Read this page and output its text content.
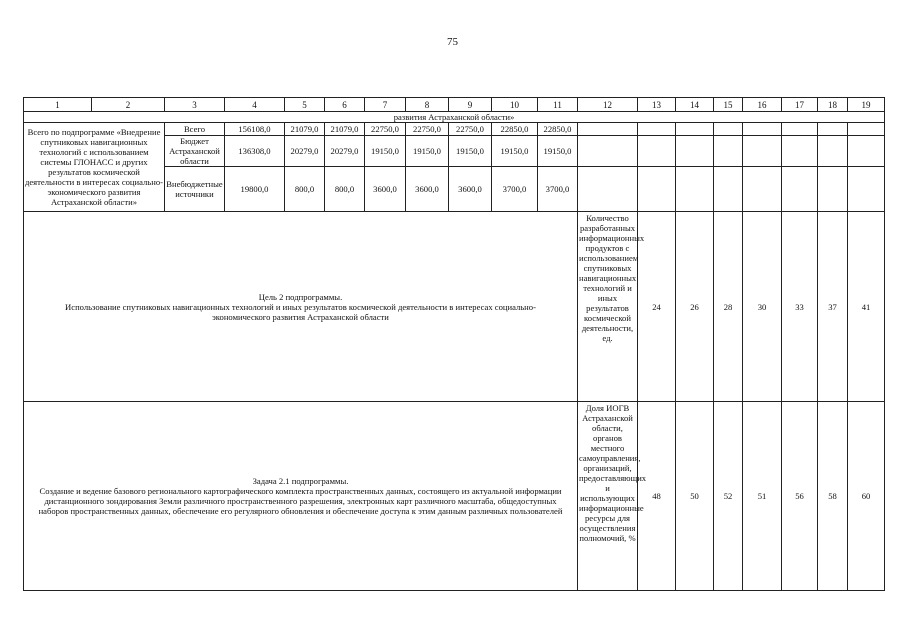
75
1	2	3	4	5	6	7	8	9	10	11	12	13	14	15	16	17	18	19
развития Астраханской области»																		
Всего по подпрограмме «Внедрение спутниковых навигационных технологий с использованием системы ГЛОНАСС и других результатов космической деятельности в интересах социально-экономического развития Астраханской области»		Всего	156108,0	21079,0	21079,0	22750,0	22750,0	22750,0	22850,0	22850,0								
		Бюджет Астраханской области	136308,0	20279,0	20279,0	19150,0	19150,0	19150,0	19150,0	19150,0								
		Внебюджетные источники	19800,0	800,0	800,0	3600,0	3600,0	3600,0	3700,0	3700,0								

Цель 2 подпрограммы.
Использование спутниковых навигационных технологий и иных результатов космической деятельности в интересах социально-экономического развития Астраханской области											Количество разработанных информационных продуктов с использованием спутниковых навигационных технологий и иных результатов космической деятельности, ед.	24	26	28	30	33	37	41

Задача 2.1 подпрограммы.
Создание и ведение базового регионального картографического комплекта пространственных данных, состоящего из актуальной информации дистанционного зондирования Земли различного пространственного разрешения, электронных карт различного масштаба, общедоступных наборов пространственных данных, обеспечение его регулярного обновления и обеспечение доступа к этим данным различных пользователей											Доля ИОГВ Астраханской области, органов местного самоуправления, организаций, предоставляющих и использующих информационные ресурсы для осуществления полномочий, %	48	50	52	51	56	58	60
